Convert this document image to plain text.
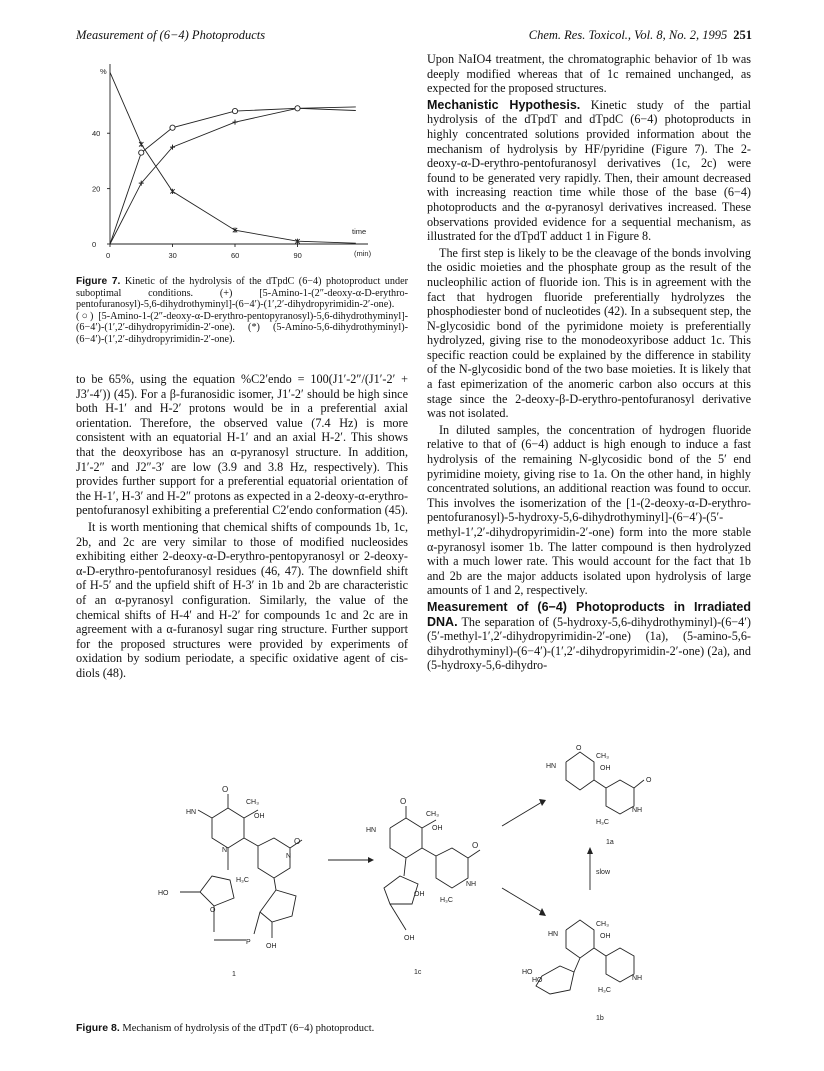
Measurement of (6−4) Photoproducts	Chem. Res. Toxicol., Vol. 8, No. 2, 1995 251
%
time
(min)
0	30	60	90
0
20
40
Figure 7. Kinetic of the hydrolysis of the dTpdC (6−4) photoproduct under suboptimal conditions. (+) [5-Amino-1-(2″-deoxy-α-D-erythro-pentofuranosyl)-5,6-dihydrothyminyl]-(6−4′)-(1′,2′-dihydropyrimidin-2′-one). (○) [5-Amino-1-(2″-deoxy-α-D-erythro-pentopyranosyl)-5,6-dihydrothyminyl]-(6−4′)-(1′,2′-dihydropyrimidin-2′-one). (*) (5-Amino-5,6-dihydrothyminyl)-(6−4′)-(1′,2′-dihydropyrimidin-2′-one).

to be 65%, using the equation %C2′endo = 100(J1′-2″/(J1′-2′ + J3′-4′)) (45). For a β-furanosidic isomer, J1′-2′ should be high since both H-1′ and H-2′ protons would be in a preferential axial orientation. Therefore, the observed value (7.4 Hz) is more consistent with an equatorial H-1′ and an axial H-2′. This shows that the deoxyribose has an α-pyranosyl structure. In addition, J1′-2″ and J2″-3′ are low (3.9 and 3.8 Hz, respectively). This provides further support for a preferential equatorial orientation of the H-1′, H-3′ and H-2″ protons as expected in a 2-deoxy-α-erythro-pentofuranosyl exhibiting a preferential C2′endo conformation (45).

It is worth mentioning that chemical shifts of compounds 1b, 1c, 2b, and 2c are very similar to those of modified nucleosides exhibiting either 2-deoxy-α-D-erythro-pentopyranosyl or 2-deoxy-α-D-erythro-pentofuranosyl residues (46, 47). The downfield shift of H-5′ and the upfield shift of H-3′ in 1b and 2b are characteristic of an α-pyranosyl configuration. Similarly, the value of the chemical shifts of H-4′ and H-2′ for compounds 1c and 2c are in agreement with a α-furanosyl sugar ring structure. Further support for the proposed structures were provided by experiments of oxidation by sodium periodate, a specific oxidative agent of cis-diols (48).

Upon NaIO4 treatment, the chromatographic behavior of 1b was deeply modified whereas that of 1c remained unchanged, as expected for the proposed structures.

Mechanistic Hypothesis. Kinetic study of the partial hydrolysis of the dTpdT and dTpdC (6−4) photoproducts in highly concentrated solutions provided information about the mechanism of hydrolysis by HF/pyridine (Figure 7). The 2-deoxy-α-D-erythro-pentofuranosyl derivatives (1c, 2c) were found to be generated very rapidly. Then, their amount decreased with increasing reaction time while those of the base (6−4) photoproducts and the α-pyranosyl derivatives increased. These observations provided evidence for a sequential mechanism, as illustrated for the dTpdT adduct 1 in Figure 8.

The first step is likely to be the cleavage of the bonds involving the osidic moieties and the phosphate group as the result of the nucleophilic action of fluoride ion. This is in agreement with the fact that hydrogen fluoride preferentially hydrolyzes the phosphodiester bond of nucleotides (42). In a subsequent step, the N-glycosidic bond of the pyrimidone moiety is preferentially hydrolyzed, giving rise to the monodeoxyribose adduct 1c. This specific reaction could be explained by the difference in stability of the N-glycosidic bond of the two base moieties. It is likely that a fast epimerization of the anomeric carbon also occurs at this stage since the 2-deoxy-β-D-erythro-pentofuranosyl derivative was not isolated.

In diluted samples, the concentration of hydrogen fluoride relative to that of (6−4) adduct is high enough to induce a fast hydrolysis of the remaining N-glycosidic bond of the 5′ end pyrimidine moiety, giving rise to 1a. On the other hand, in highly concentrated solutions, an additional reaction was found to occur. This involves the isomerization of the [1-(2-deoxy-α-D-erythro-pentofuranosyl)-5-hydroxy-5,6-dihydrothyminyl]-(6−4′)-(5′-methyl-1′,2′-dihydropyrimidin-2′-one) form into the more stable α-pyranosyl isomer 1b. The latter compound is then hydrolyzed with a much lower rate. This would account for the fact that 1b and 2b are the major adducts isolated upon hydrolysis of large amounts of 1 and 2, respectively.

Measurement of (6−4) Photoproducts in Irradiated DNA. The separation of (5-hydroxy-5,6-dihydrothyminyl)-(6−4′)(5′-methyl-1′,2′-dihydropyrimidin-2′-one) (1a), (5-amino-5,6-dihydrothyminyl)-(6−4′)-(1′,2′-dihydropyrimidin-2′-one) (2a), and (5-hydroxy-5,6-dihydro-

O
HN
CH₃
OH
N
O
N
H₃C
HO
O
P
OH
1
O
HN
CH₃
OH
O
NH
H₃C
OH
OH
1c
slow
O
HN
CH₃
OH
O
NH
H₃C
1a
HN
CH₃
OH
NH
H₃C
HO
HO
1b
Figure 8. Mechanism of hydrolysis of the dTpdT (6−4) photoproduct.
